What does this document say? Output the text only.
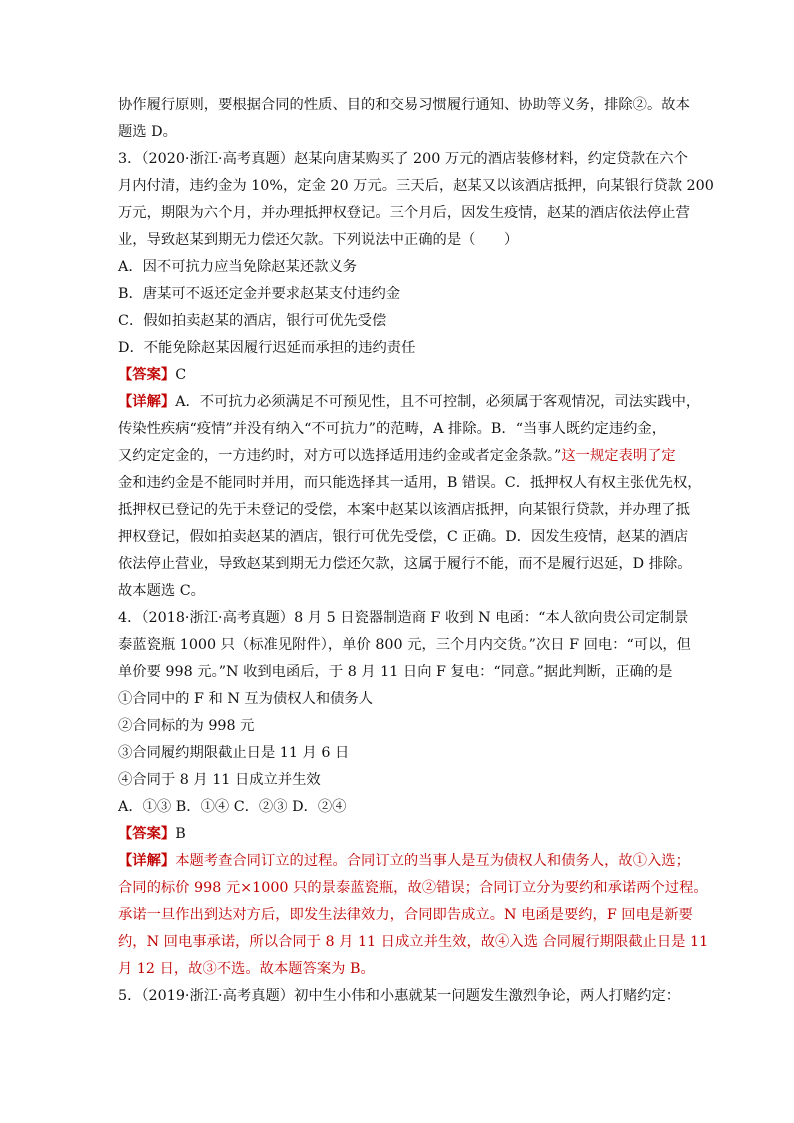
协作履行原则，要根据合同的性质、目的和交易习惯履行通知、协助等义务，排除②。故本
题选 D。
3．（2020·浙江·高考真题）赵某向唐某购买了 200 万元的酒店装修材料，约定贷款在六个
月内付清，违约金为 10%，定金 20 万元。三天后，赵某又以该酒店抵押，向某银行贷款 200
万元，期限为六个月，并办理抵押权登记。三个月后，因发生疫情，赵某的酒店依法停止营
业，导致赵某到期无力偿还欠款。下列说法中正确的是（　　）
A．因不可抗力应当免除赵某还款义务
B．唐某可不返还定金并要求赵某支付违约金
C．假如拍卖赵某的酒店，银行可优先受偿
D．不能免除赵某因履行迟延而承担的违约责任
【答案】C
【详解】A．不可抗力必须满足不可预见性，且不可控制，必须属于客观情况，司法实践中，
传染性疾病“疫情”并没有纳入“不可抗力”的范畴，A 排除。B．“当事人既约定违约金，
又约定定金的，一方违约时，对方可以选择适用违约金或者定金条款。”这一规定表明了定
金和违约金是不能同时并用，而只能选择其一适用，B 错误。C．抵押权人有权主张优先权，
抵押权已登记的先于未登记的受偿，本案中赵某以该酒店抵押，向某银行贷款，并办理了抵
押权登记，假如拍卖赵某的酒店，银行可优先受偿，C 正确。D．因发生疫情，赵某的酒店
依法停止营业，导致赵某到期无力偿还欠款，这属于履行不能，而不是履行迟延，D 排除。
故本题选 C。
4．（2018·浙江·高考真题）8 月 5 日瓷器制造商 F 收到 N 电函：“本人欲向贵公司定制景
泰蓝瓷瓶 1000 只（标准见附件），单价 800 元，三个月内交货。”次日 F 回电：“可以，但
单价要 998 元。”N 收到电函后，于 8 月 11 日向 F 复电：“同意。”据此判断，正确的是
①合同中的 F 和 N 互为债权人和债务人
②合同标的为 998 元
③合同履约期限截止日是 11 月 6 日
④合同于 8 月 11 日成立并生效
A．①③ B．①④ C．②③ D．②④
【答案】B
【详解】本题考查合同订立的过程。合同订立的当事人是互为债权人和债务人，故①入选；
合同的标价 998 元×1000 只的景泰蓝瓷瓶，故②错误；合同订立分为要约和承诺两个过程。
承诺一旦作出到达对方后，即发生法律效力，合同即告成立。N 电函是要约，F 回电是新要
约，N 回电事承诺，所以合同于 8 月 11 日成立并生效，故④入选 合同履行期限截止日是 11
月 12 日，故③不选。故本题答案为 B。
5．（2019·浙江·高考真题）初中生小伟和小惠就某一问题发生激烈争论，两人打赌约定：
